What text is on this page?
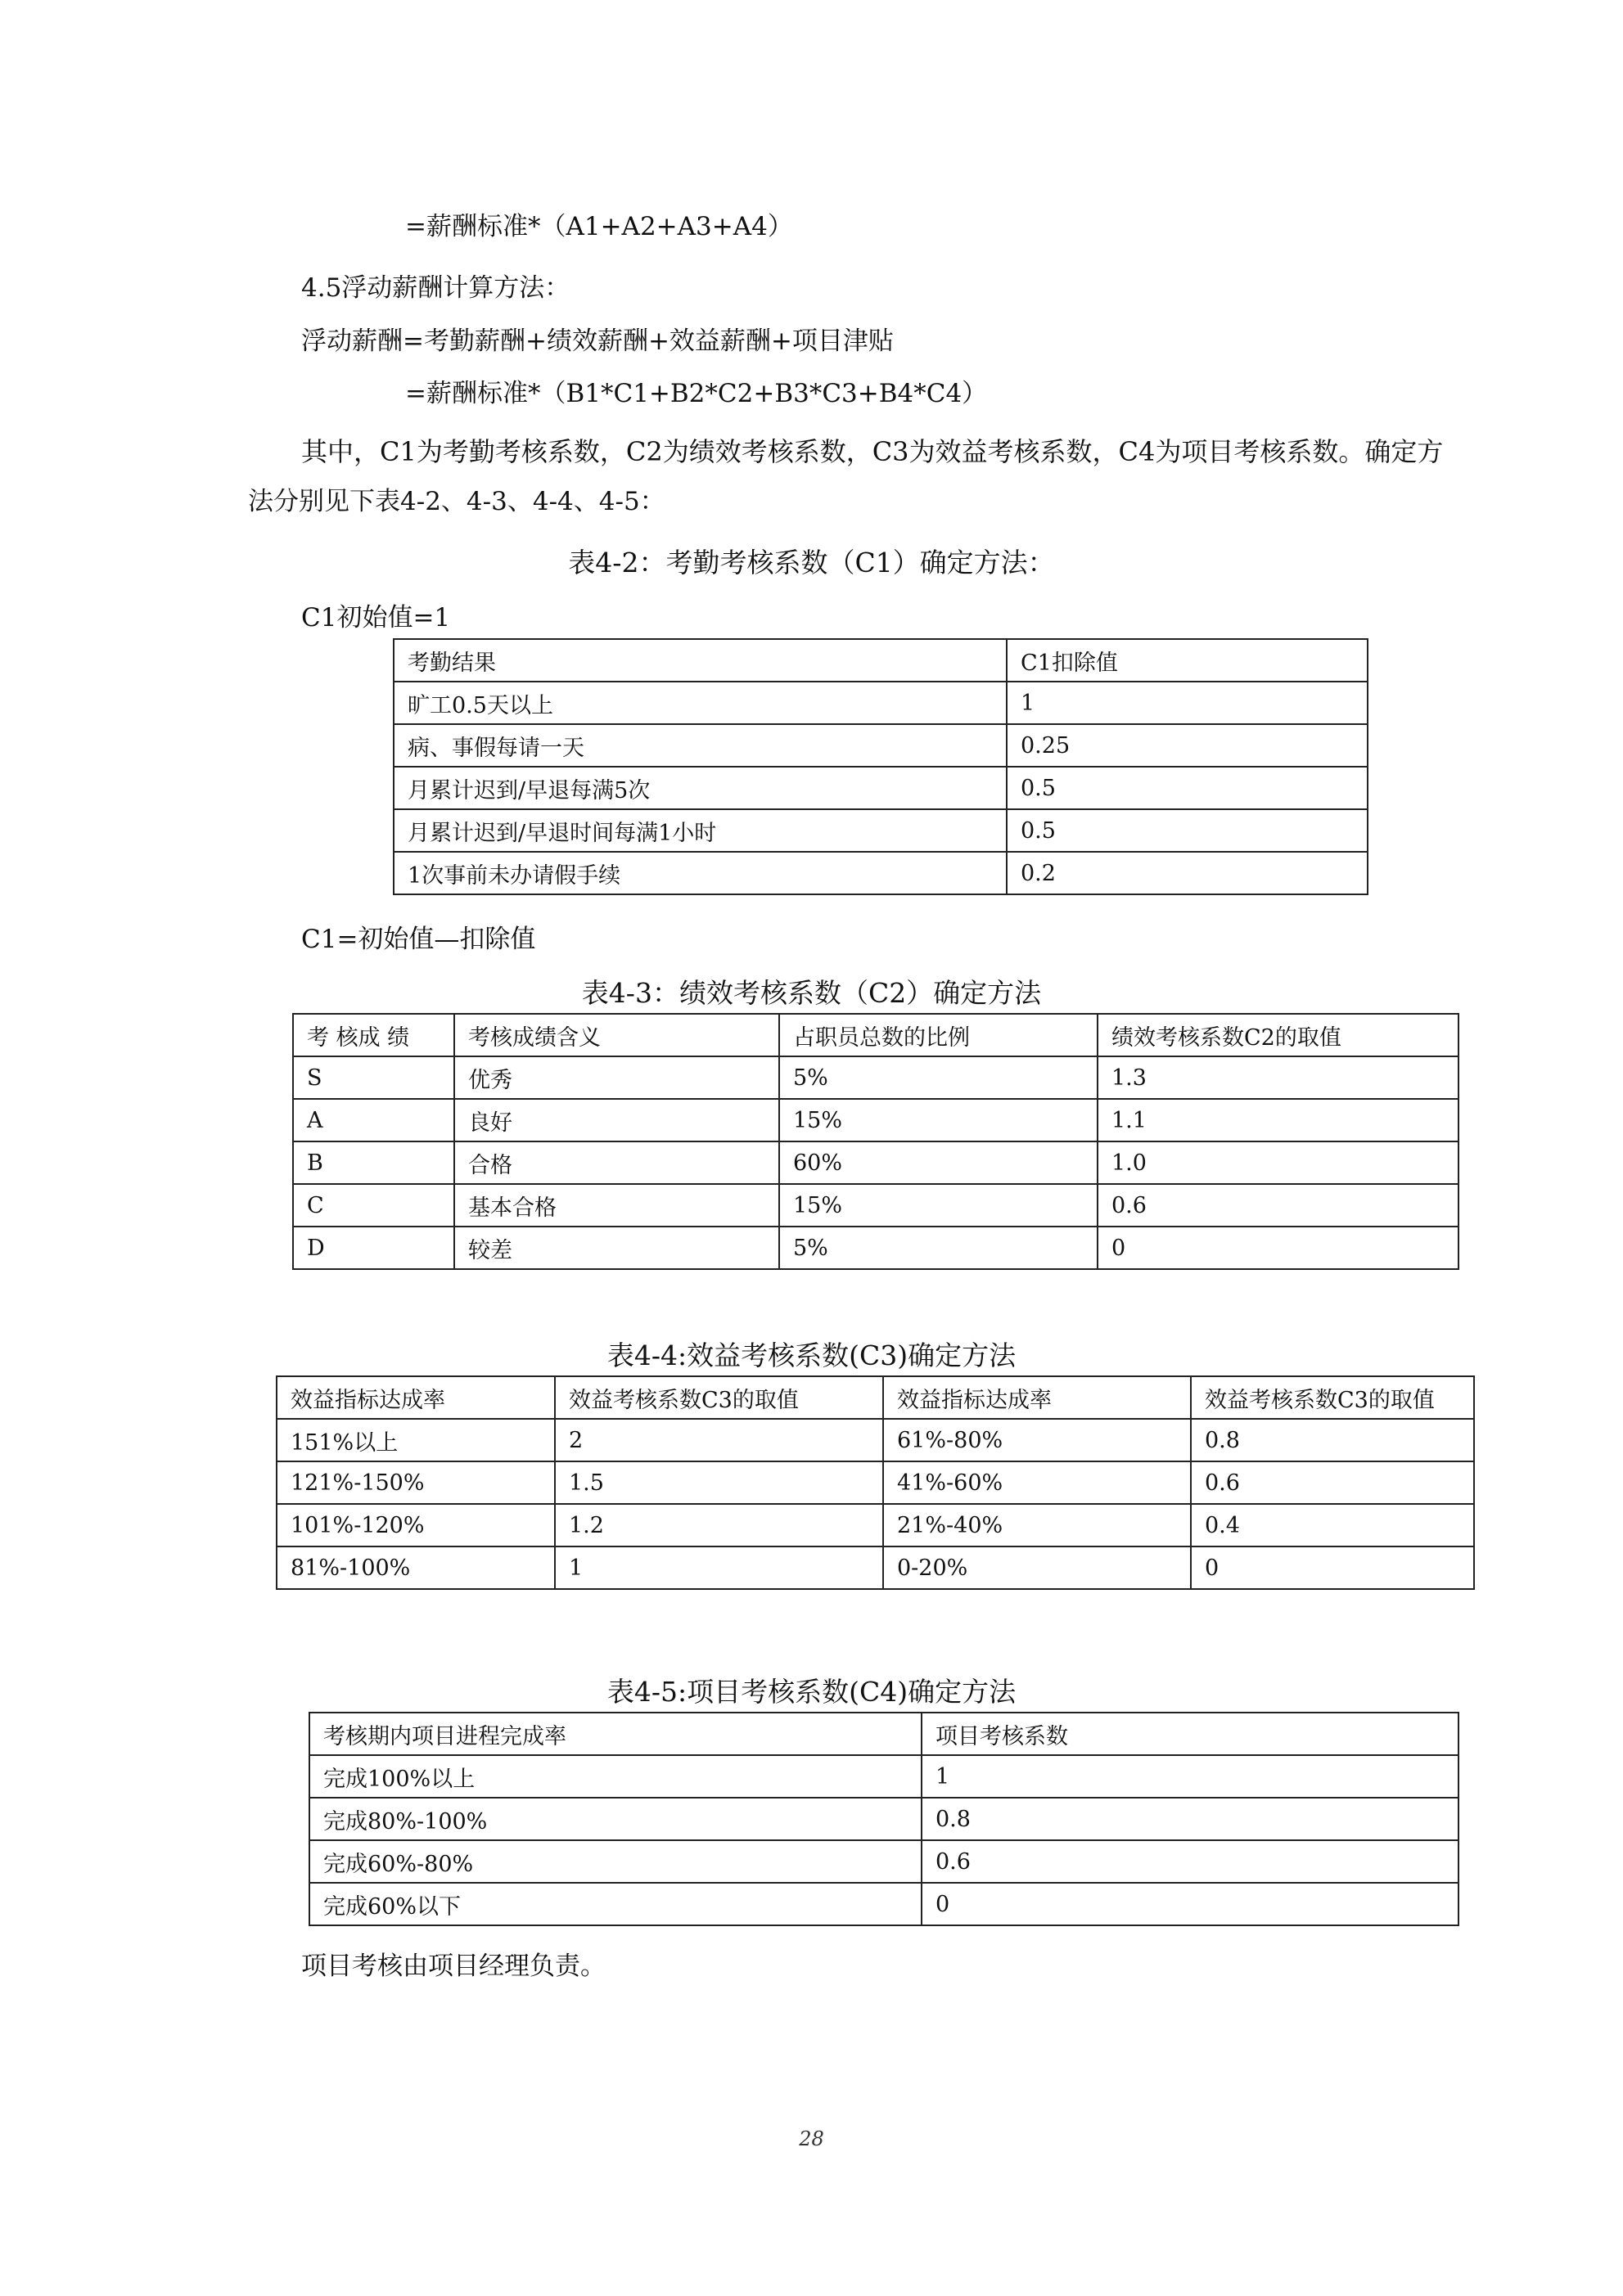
=薪酬标准*（A1+A2+A3+A4）
4.5浮动薪酬计算方法：
浮动薪酬=考勤薪酬+绩效薪酬+效益薪酬+项目津贴
=薪酬标准*（B1*C1+B2*C2+B3*C3+B4*C4）
其中，C1为考勤考核系数，C2为绩效考核系数，C3为效益考核系数，C4为项目考核系数。确定方
法分别见下表4-2、4-3、4-4、4-5：
表4-2：考勤考核系数（C1）确定方法：
C1初始值=1
考勤结果	C1扣除值
旷工0.5天以上	1
病、事假每请一天	0.25
月累计迟到/早退每满5次	0.5
月累计迟到/早退时间每满1小时	0.5
1次事前未办请假手续	0.2
C1=初始值—扣除值
表4-3：绩效考核系数（C2）确定方法
考 核成 绩	考核成绩含义	占职员总数的比例	绩效考核系数C2的取值
S	优秀	5%	1.3
A	良好	15%	1.1
B	合格	60%	1.0
C	基本合格	15%	0.6
D	较差	5%	0
表4-4:效益考核系数(C3)确定方法
效益指标达成率	效益考核系数C3的取值	效益指标达成率	效益考核系数C3的取值
151%以上	2	61%-80%	0.8
121%-150%	1.5	41%-60%	0.6
101%-120%	1.2	21%-40%	0.4
81%-100%	1	0-20%	0
表4-5:项目考核系数(C4)确定方法
考核期内项目进程完成率	项目考核系数
完成100%以上	1
完成80%-100%	0.8
完成60%-80%	0.6
完成60%以下	0
项目考核由项目经理负责。
28
